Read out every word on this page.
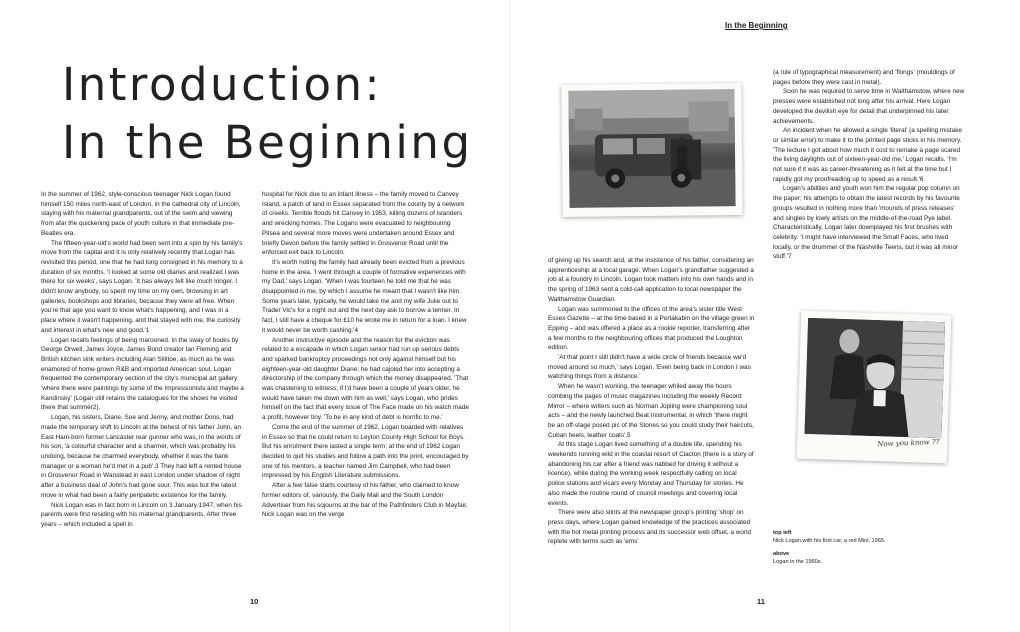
Introduction:
In the Beginning

In the summer of 1962, style-conscious teenager Nick Logan found himself 150 miles north-east of London, in the cathedral city of Lincoln, staying with his maternal grandparents, out of the swim and viewing from afar the quickening pace of youth culture in that immediate pre-Beatles era.

The fifteen-year-old's world had been sent into a spin by his family's move from the capital and it is only relatively recently that Logan has revisited this period, one that he had long consigned in his memory to a duration of six months. 'I looked at some old diaries and realized I was there for six weeks', says Logan. 'It has always felt like much longer. I didn't know anybody, so spent my time on my own, browsing in art galleries, bookshops and libraries, because they were all free. When you're that age you want to know what's happening, and I was in a place where it wasn't happening, and that stayed with me, the curiosity and interest in what's new and good.'1

Logan recalls feelings of being marooned. In the sway of books by George Orwell, James Joyce, James Bond creator Ian Fleming and British kitchen sink writers including Alan Sillitoe, as much as he was enamored of home-grown R&B and imported American soul, Logan frequented the contemporary section of the city's municipal art gallery 'where there were paintings by some of the Impressionists and maybe a Kandinsky' (Logan still retains the catalogues for the shows he visited there that summer2).

Logan, his sisters, Diane, Sue and Jenny, and mother Dons, had made the temporary shift to Lincoln at the behest of his father John, an East Ham-born former Lancaster rear gunner who was, in the words of his son, 'a colourful character and a charmer, which was probably his undoing, because he charmed everybody, whether it was the bank manager or a woman he'd met in a pub'.3 They had left a rented house in Grosvenor Road in Wanstead in east London under shadow of night after a business deal of John's had gone sour. This was but the latest move in what had been a fairly peripatetic existence for the family.

Nick Logan was in fact born in Lincoln on 3 January 1947, when his parents were first residing with his maternal grandparents. After three years – which included a spell in

hospital for Nick due to an infant illness – the family moved to Canvey Island, a patch of land in Essex separated from the county by a network of creeks. Terrible floods hit Canvey in 1953, killing dozens of islanders and wrecking homes. The Logans were evacuated to neighbouring Pitsea and several more moves were undertaken around Essex and briefly Devon before the family settled in Grosvenor Road until the enforced exit back to Lincoln.

It's worth noting the family had already been evicted from a previous home in the area. 'I went through a couple of formative experiences with my Dad,' says Logan. 'When I was fourteen he told me that he was disappointed in me, by which I assume he meant that I wasn't like him. Some years later, typically, he would take me and my wife Julie out to Trader Vic's for a night out and the next day ask to borrow a tenner. In fact, I still have a cheque for £10 he wrote me in return for a loan. I knew it would never be worth cashing.'4

Another instructive episode and the reason for the eviction was related to a escapade in which Logan senior had run up serious debts and sparked bankruptcy proceedings not only against himself but his eighteen-year-old daughter Diane; he had cajoled her into accepting a directorship of the company through which the money disappeared. 'That was chastening to witness; if I'd have been a couple of years older, he would have taken me down with him as well,' says Logan, who prides himself on the fact that every issue of The Face made on his watch made a profit, however tiny. 'To be in any kind of debt is horrific to me.'

Come the end of the summer of 1962, Logan boarded with relatives in Essex so that he could return to Leyton County High School for Boys. But his enrolment there lasted a single term; at the end of 1962 Logan decided to quit his studies and follow a path into the print, encouraged by one of his mentors, a teacher named Jim Campbell, who had been impressed by his English Literature submissions.

After a few false starts courtesy of his father, who claimed to know former editors of, variously, the Daily Mail and the South London Advertiser from his sojourns at the bar of the Pathfinders Club in Mayfair, Nick Logan was on the verge

10
In the Beginning

of giving up his search and, at the insistence of his father, considering an apprenticeship at a local garage. When Logan's grandfather suggested a job at a foundry in Lincoln, Logan took matters into his own hands and in the spring of 1963 sent a cold-call application to local newspaper the Walthamstow Guardian.

Logan was summoned to the offices of the area's sister title West Essex Gazette – at the time based in a Portakabin on the village green in Epping – and was offered a place as a rookie reporter, transferring after a few months to the neighbouring offices that produced the Loughton edition.

'At that point I still didn't have a wide circle of friends because we'd moved around so much,' says Logan. 'Even being back in London I was watching things from a distance.'

When he wasn't working, the teenager whiled away the hours combing the pages of music magazines including the weekly Record Mirror – where writers such as Norman Jopling were championing soul acts – and the newly launched Beat Instrumental, in which 'there might be an off-stage posed pic of the Stones so you could study their haircuts, Cuban heels, leather coats'.5

At this stage Logan lived something of a double life, spending his weekends running wild in the coastal resort of Clacton (there is a story of abandoning his car after a friend was nabbed for driving it without a licence), while during the working week respectfully calling on local police stations and vicars every Monday and Thursday for stories. He also made the routine round of council meetings and covering local events.

There were also stints at the newspaper group's printing 'shop' on press days, where Logan gained knowledge of the practices associated with the hot metal printing process and its successor web offset, a world replete with terms such as 'ems'

(a rule of typographical measurement) and 'flongs' (mouldings of pages before they were cast in metal).

Soon he was required to serve time in Walthamstow, where new presses were established not long after his arrival. Here Logan developed the devilish eye for detail that underpinned his later achievements.

An incident when he allowed a single 'literal' (a spelling mistake or similar error) to make it to the printed page sticks in his memory. 'The lecture I got about how much it cost to remake a page scared the living daylights out of sixteen-year-old me,' Logan recalls. 'I'm not sure if it was as career-threatening as it felt at the time but I rapidly got my proofreading up to speed as a result.'6

Logan's abilities and youth won him the regular pop column on the paper; his attempts to obtain the latest records by his favourite groups resulted in nothing more than 'mounds of press releases' and singles by lowly artists on the middle-of-the-road Pye label. Characteristically, Logan later downplayed his first brushes with celebrity: 'I might have interviewed the Small Faces, who lived locally, or the drummer of the Nashville Teens, but it was all minor stuff.'7

Now you know ??

top left

Nick Logan with his first car, a red Mini, 1965.

above

Logan in the 1960s.

11
